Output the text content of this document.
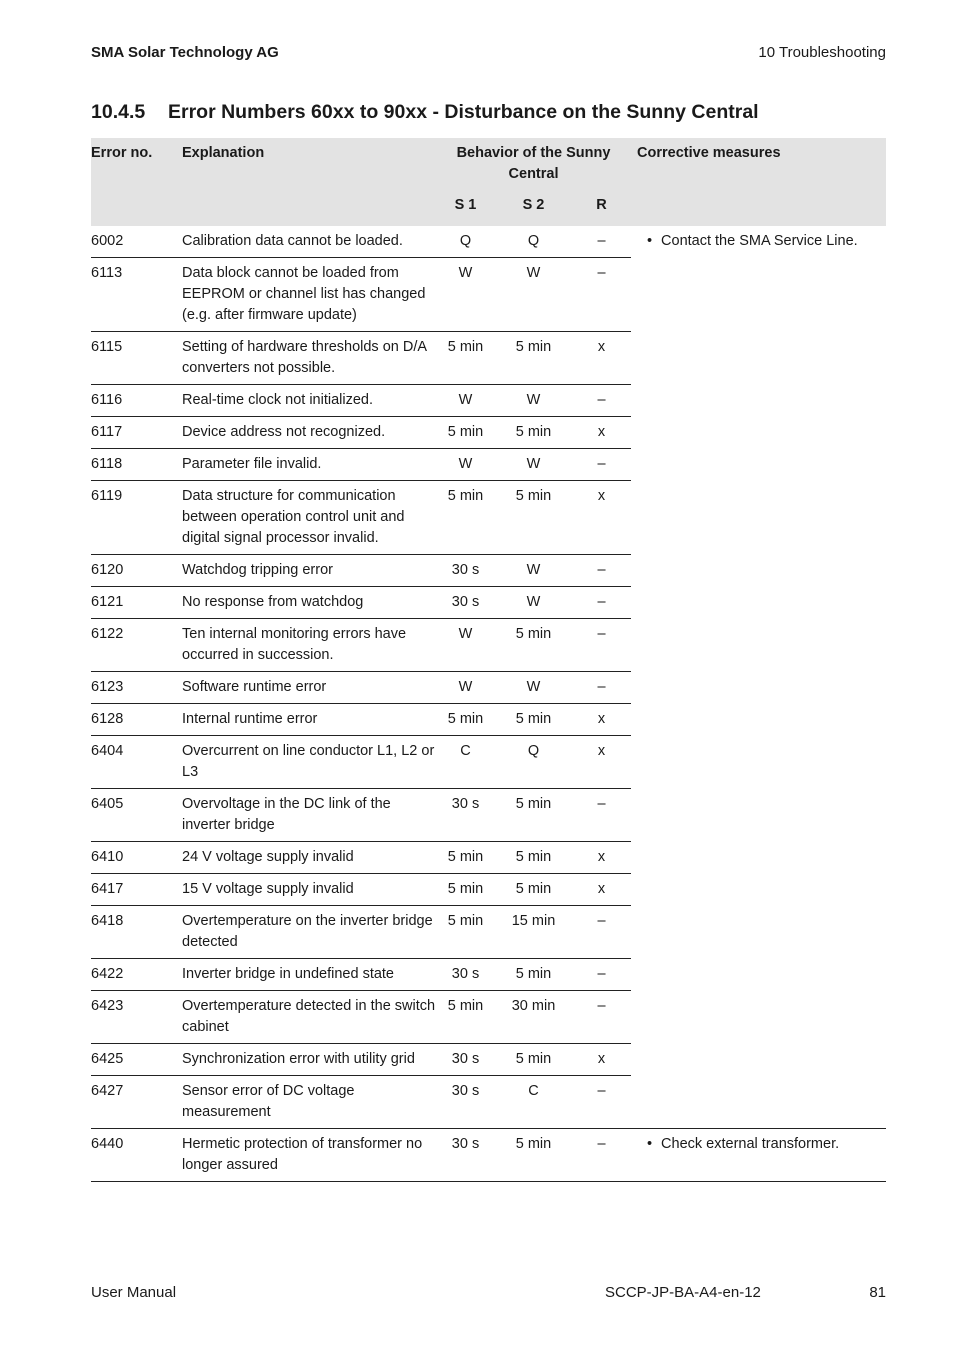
SMA Solar Technology AG	10 Troubleshooting
10.4.5 Error Numbers 60xx to 90xx - Disturbance on the Sunny Central
Error no.	Explanation	Behavior of the Sunny Central			Corrective measures
		S 1	S 2	R	
6002	Calibration data cannot be loaded.	Q	Q	–	• Contact the SMA Service Line.

6113	Data block cannot be loaded from EEPROM or channel list has changed (e.g. after firmware update)	W	W	–	
6115	Setting of hardware thresholds on D/A converters not possible.	5 min	5 min	x	
6116	Real-time clock not initialized.	W	W	–	
6117	Device address not recognized.	5 min	5 min	x	
6118	Parameter file invalid.	W	W	–	
6119	Data structure for communication between operation control unit and digital signal processor invalid.	5 min	5 min	x	
6120	Watchdog tripping error	30 s	W	–	
6121	No response from watchdog	30 s	W	–	
6122	Ten internal monitoring errors have occurred in succession.	W	5 min	–	
6123	Software runtime error	W	W	–	
6128	Internal runtime error	5 min	5 min	x	
6404	Overcurrent on line conductor L1, L2 or L3	C	Q	x	
6405	Overvoltage in the DC link of the inverter bridge	30 s	5 min	–	
6410	24 V voltage supply invalid	5 min	5 min	x	
6417	15 V voltage supply invalid	5 min	5 min	x	
6418	Overtemperature on the inverter bridge detected	5 min	15 min	–	
6422	Inverter bridge in undefined state	30 s	5 min	–	
6423	Overtemperature detected in the switch cabinet	5 min	30 min	–	
6425	Synchronization error with utility grid	30 s	5 min	x	
6427	Sensor error of DC voltage measurement	30 s	C	–	
6440	Hermetic protection of transformer no longer assured	30 s	5 min	–	• Check external transformer.
User Manual	SCCP-JP-BA-A4-en-12	81
